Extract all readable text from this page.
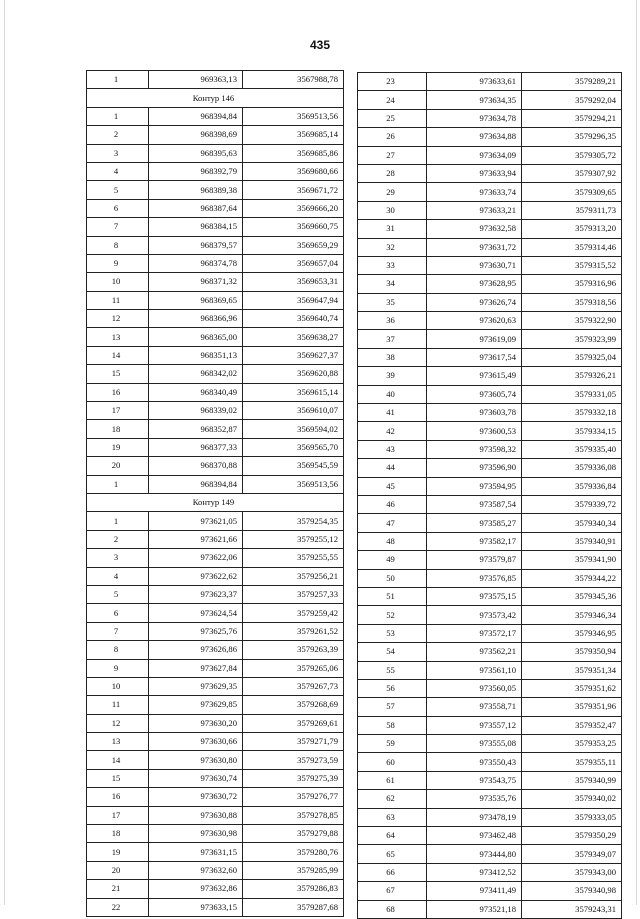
435
1	969363,13	3567988,78
Контур 146		
1	968394,84	3569513,56
2	968398,69	3569685,14
3	968395,63	3569685,86
4	968392,79	3569680,66
5	968389,38	3569671,72
6	968387,64	3569666,20
7	968384,15	3569660,75
8	968379,57	3569659,29
9	968374,78	3569657,04
10	968371,32	3569653,31
11	968369,65	3569647,94
12	968366,96	3569640,74
13	968365,00	3569638,27
14	968351,13	3569627,37
15	968342,02	3569620,88
16	968340,49	3569615,14
17	968339,02	3569610,07
18	968352,87	3569594,02
19	968377,33	3569565,70
20	968370,88	3569545,59
1	968394,84	3569513,56
Контур 149		
1	973621,05	3579254,35
2	973621,66	3579255,12
3	973622,06	3579255,55
4	973622,62	3579256,21
5	973623,37	3579257,33
6	973624,54	3579259,42
7	973625,76	3579261,52
8	973626,86	3579263,39
9	973627,84	3579265,06
10	973629,35	3579267,73
11	973629,85	3579268,69
12	973630,20	3579269,61
13	973630,66	3579271,79
14	973630,80	3579273,59
15	973630,74	3579275,39
16	973630,72	3579276,77
17	973630,88	3579278,85
18	973630,98	3579279,88
19	973631,15	3579280,76
20	973632,60	3579285,99
21	973632,86	3579286,83
22	973633,15	3579287,68
23	973633,61	3579289,21
24	973634,35	3579292,04
25	973634,78	3579294,21
26	973634,88	3579296,35
27	973634,09	3579305,72
28	973633,94	3579307,92
29	973633,74	3579309,65
30	973633,21	3579311,73
31	973632,58	3579313,20
32	973631,72	3579314,46
33	973630,71	3579315,52
34	973628,95	3579316,96
35	973626,74	3579318,56
36	973620,63	3579322,90
37	973619,09	3579323,99
38	973617,54	3579325,04
39	973615,49	3579326,21
40	973605,74	3579331,05
41	973603,78	3579332,18
42	973600,53	3579334,15
43	973598,32	3579335,40
44	973596,90	3579336,08
45	973594,95	3579336,84
46	973587,54	3579339,72
47	973585,27	3579340,34
48	973582,17	3579340,91
49	973579,87	3579341,90
50	973576,85	3579344,22
51	973575,15	3579345,36
52	973573,42	3579346,34
53	973572,17	3579346,95
54	973562,21	3579350,94
55	973561,10	3579351,34
56	973560,05	3579351,62
57	973558,71	3579351,96
58	973557,12	3579352,47
59	973555,08	3579353,25
60	973550,43	3579355,11
61	973543,75	3579340,99
62	973535,76	3579340,02
63	973478,19	3579333,05
64	973462,48	3579350,29
65	973444,80	3579349,07
66	973412,52	3579343,00
67	973411,49	3579340,98
68	973521,18	3579243,31
